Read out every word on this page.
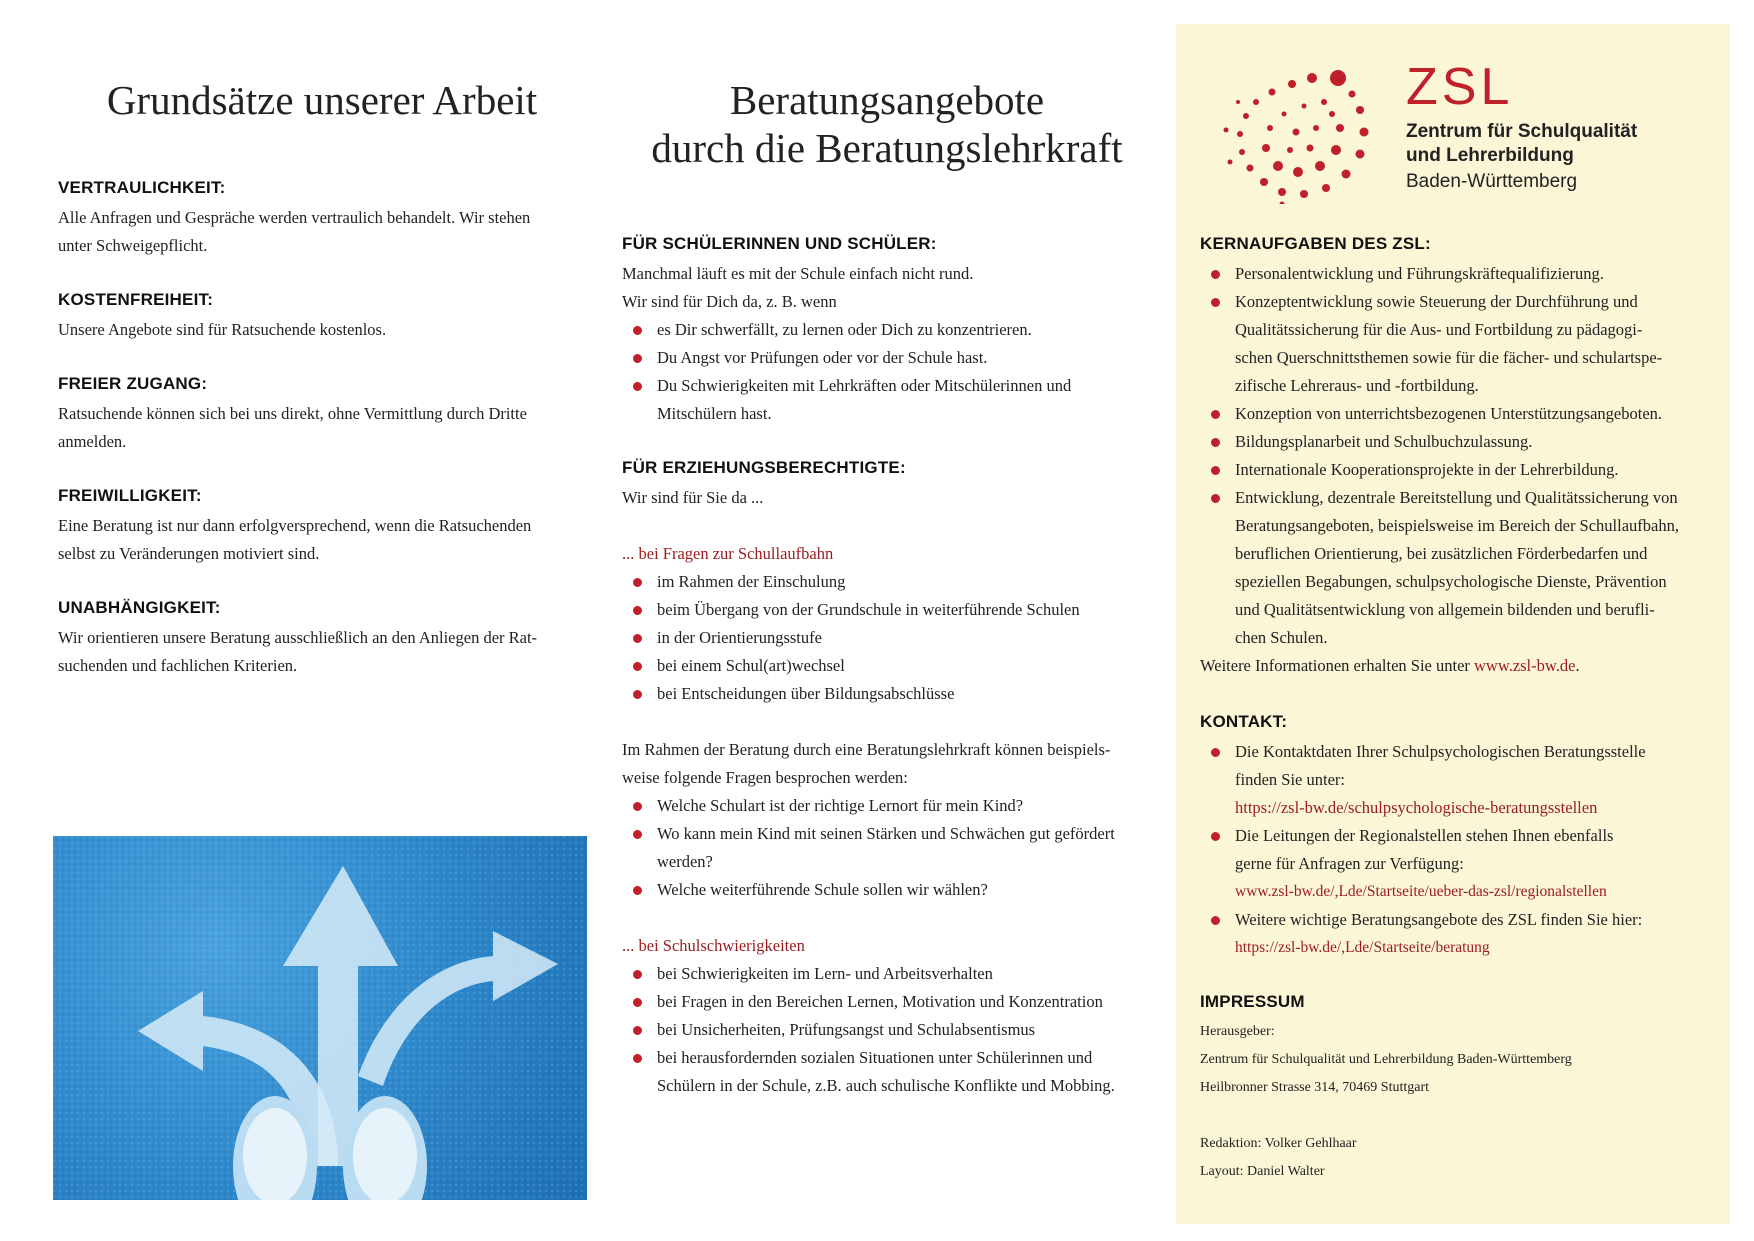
Grundsätze unserer Arbeit
VERTRAULICHKEIT:

Alle Anfragen und Gespräche werden vertraulich behandelt. Wir stehen

unter Schweigepflicht.

KOSTENFREIHEIT:

Unsere Angebote sind für Ratsuchende kostenlos.

FREIER ZUGANG:

Ratsuchende können sich bei uns direkt, ohne Vermittlung durch Dritte

anmelden.

FREIWILLIGKEIT:

Eine Beratung ist nur dann erfolgversprechend, wenn die Ratsuchenden

selbst zu Veränderungen motiviert sind.

UNABHÄNGIGKEIT:

Wir orientieren unsere Beratung ausschließlich an den Anliegen der Rat-

suchenden und fachlichen Kriterien.

Beratungsangebote
durch die Beratungslehrkraft
FÜR SCHÜLERINNEN UND SCHÜLER:

Manchmal läuft es mit der Schule einfach nicht rund.

Wir sind für Dich da, z. B. wenn

es Dir schwerfällt, zu lernen oder Dich zu konzentrieren.
Du Angst vor Prüfungen oder vor der Schule hast.
Du Schwierigkeiten mit Lehrkräften oder Mitschülerinnen und
Mitschülern hast.
FÜR ERZIEHUNGSBERECHTIGTE:

Wir sind für Sie da ...

... bei Fragen zur Schullaufbahn

im Rahmen der Einschulung
beim Übergang von der Grundschule in weiterführende Schulen
in der Orientierungsstufe
bei einem Schul(art)wechsel
bei Entscheidungen über Bildungsabschlüsse

Im Rahmen der Beratung durch eine Beratungslehrkraft können beispiels-

weise folgende Fragen besprochen werden:

Welche Schulart ist der richtige Lernort für mein Kind?
Wo kann mein Kind mit seinen Stärken und Schwächen gut gefördert
werden?
Welche weiterführende Schule sollen wir wählen?

... bei Schulschwierigkeiten

bei Schwierigkeiten im Lern- und Arbeitsverhalten
bei Fragen in den Bereichen Lernen, Motivation und Konzentration
bei Unsicherheiten, Prüfungsangst und Schulabsentismus
bei herausfordernden sozialen Situationen unter Schülerinnen und
Schülern in der Schule, z.B. auch schulische Konflikte und Mobbing.
ZSL
Zentrum für Schulqualität
und Lehrerbildung
Baden-Württemberg
KERNAUFGABEN DES ZSL:
Personalentwicklung und Führungskräftequalifizierung.
Konzeptentwicklung sowie Steuerung der Durchführung und
Qualitätssicherung für die Aus- und Fortbildung zu pädagogi-
schen Querschnittsthemen sowie für die fächer- und schulartspe-
zifische Lehreraus- und -fortbildung.
Konzeption von unterrichtsbezogenen Unterstützungsangeboten.
Bildungsplanarbeit und Schulbuchzulassung.
Internationale Kooperationsprojekte in der Lehrerbildung.
Entwicklung, dezentrale Bereitstellung und Qualitätssicherung von
Beratungsangeboten, beispielsweise im Bereich der Schullaufbahn,
beruflichen Orientierung, bei zusätzlichen Förderbedarfen und
speziellen Begabungen, schulpsychologische Dienste, Prävention
und Qualitätsentwicklung von allgemein bildenden und berufli-
chen Schulen.

Weitere Informationen erhalten Sie unter www.zsl-bw.de.

KONTAKT:
Die Kontaktdaten Ihrer Schulpsychologischen Beratungsstelle
finden Sie unter:
https://zsl-bw.de/schulpsychologische-beratungsstellen
Die Leitungen der Regionalstellen stehen Ihnen ebenfalls
gerne für Anfragen zur Verfügung:
www.zsl-bw.de/,Lde/Startseite/ueber-das-zsl/regionalstellen
Weitere wichtige Beratungsangebote des ZSL finden Sie hier:
https://zsl-bw.de/,Lde/Startseite/beratung
IMPRESSUM

Herausgeber:

Zentrum für Schulqualität und Lehrerbildung Baden-Württemberg

Heilbronner Strasse 314, 70469 Stuttgart

Redaktion: Volker Gehlhaar

Layout: Daniel Walter
